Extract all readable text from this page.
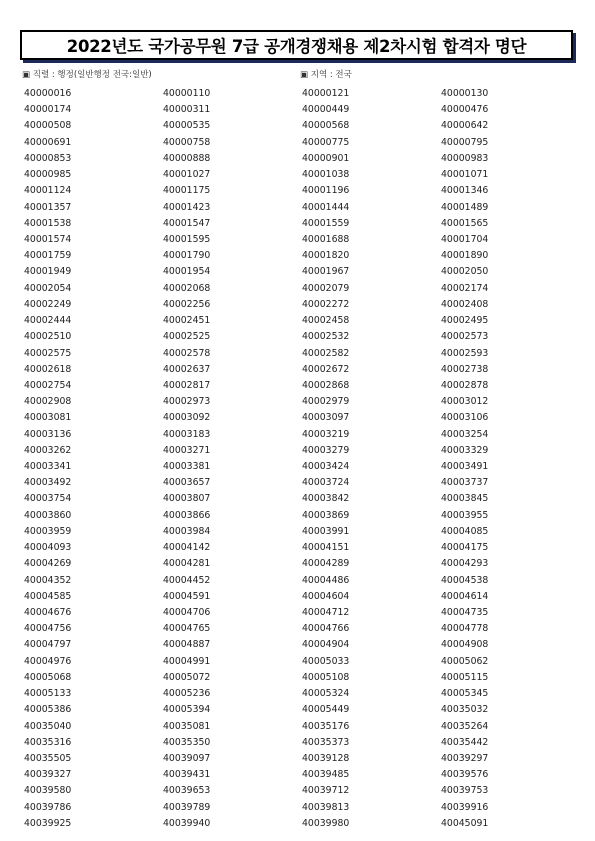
2022년도 국가공무원 7급 공개경쟁채용 제2차시험 합격자 명단
▣ 직렬 : 행정(일반행정 전국:일반)	▣ 지역 : 전국
40000016	40000110	40000121	40000130
40000174	40000311	40000449	40000476
40000508	40000535	40000568	40000642
40000691	40000758	40000775	40000795
40000853	40000888	40000901	40000983
40000985	40001027	40001038	40001071
40001124	40001175	40001196	40001346
40001357	40001423	40001444	40001489
40001538	40001547	40001559	40001565
40001574	40001595	40001688	40001704
40001759	40001790	40001820	40001890
40001949	40001954	40001967	40002050
40002054	40002068	40002079	40002174
40002249	40002256	40002272	40002408
40002444	40002451	40002458	40002495
40002510	40002525	40002532	40002573
40002575	40002578	40002582	40002593
40002618	40002637	40002672	40002738
40002754	40002817	40002868	40002878
40002908	40002973	40002979	40003012
40003081	40003092	40003097	40003106
40003136	40003183	40003219	40003254
40003262	40003271	40003279	40003329
40003341	40003381	40003424	40003491
40003492	40003657	40003724	40003737
40003754	40003807	40003842	40003845
40003860	40003866	40003869	40003955
40003959	40003984	40003991	40004085
40004093	40004142	40004151	40004175
40004269	40004281	40004289	40004293
40004352	40004452	40004486	40004538
40004585	40004591	40004604	40004614
40004676	40004706	40004712	40004735
40004756	40004765	40004766	40004778
40004797	40004887	40004904	40004908
40004976	40004991	40005033	40005062
40005068	40005072	40005108	40005115
40005133	40005236	40005324	40005345
40005386	40005394	40005449	40035032
40035040	40035081	40035176	40035264
40035316	40035350	40035373	40035442
40035505	40039097	40039128	40039297
40039327	40039431	40039485	40039576
40039580	40039653	40039712	40039753
40039786	40039789	40039813	40039916
40039925	40039940	40039980	40045091
